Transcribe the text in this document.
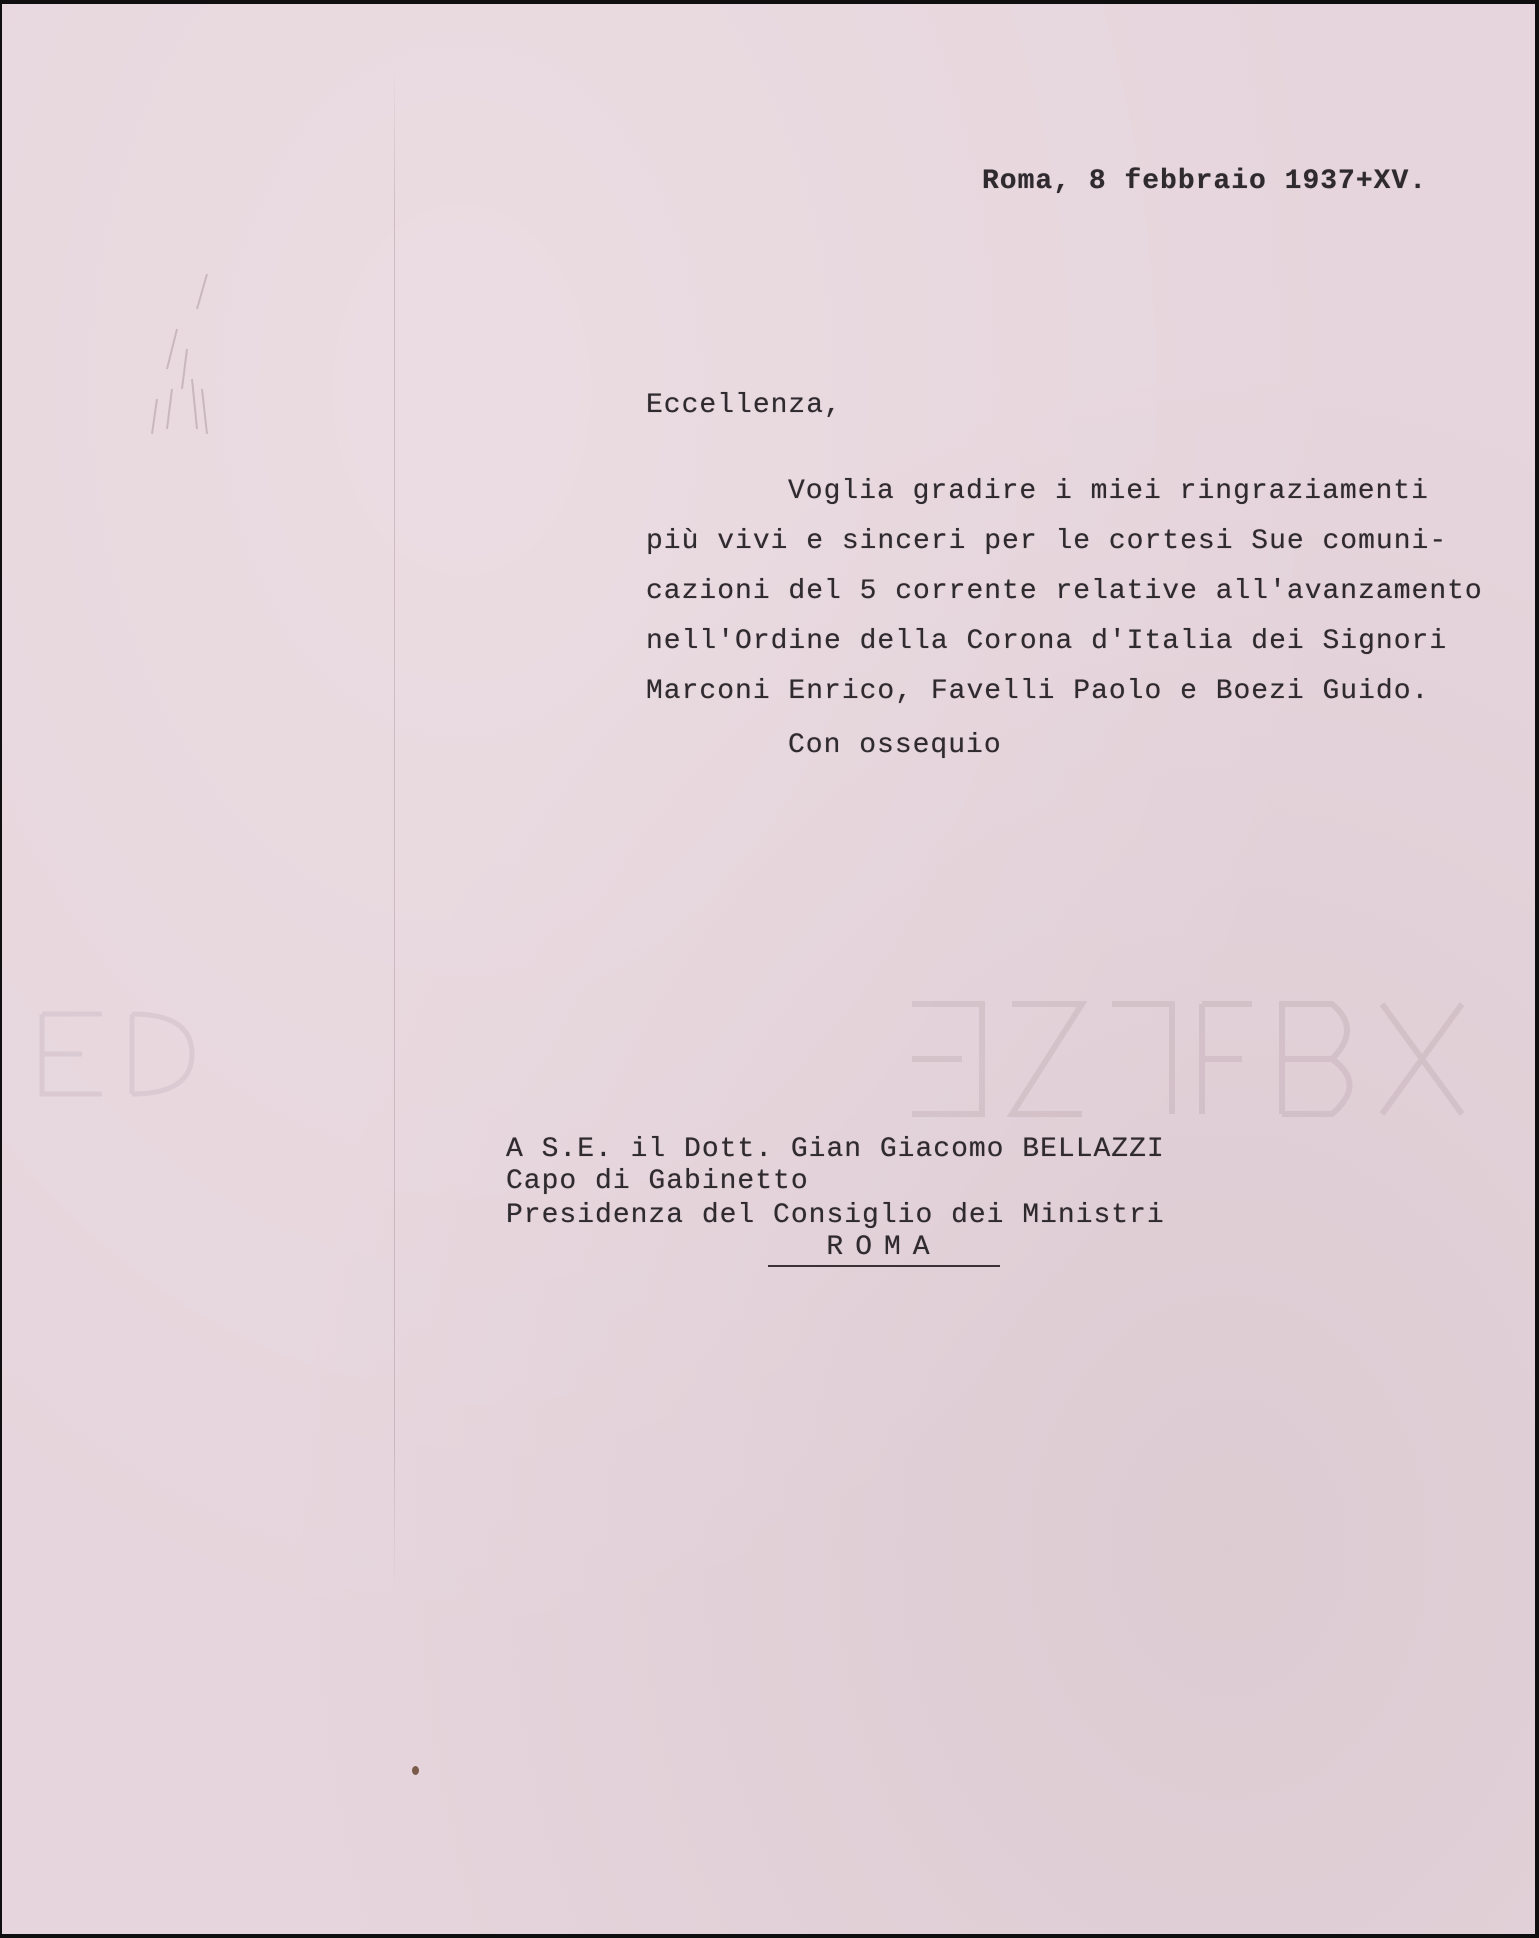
Roma, 8 febbraio 1937+XV.
Eccellenza,
Voglia gradire i miei ringraziamenti
più vivi e sinceri per le cortesi Sue comuni-
cazioni del 5 corrente relative all'avanzamento
nell'Ordine della Corona d'Italia dei Signori
Marconi Enrico, Favelli Paolo e Boezi Guido.
Con ossequio
A S.E. il Dott. Gian Giacomo BELLAZZI
Capo di Gabinetto
Presidenza del Consiglio dei Ministri
ROMA
